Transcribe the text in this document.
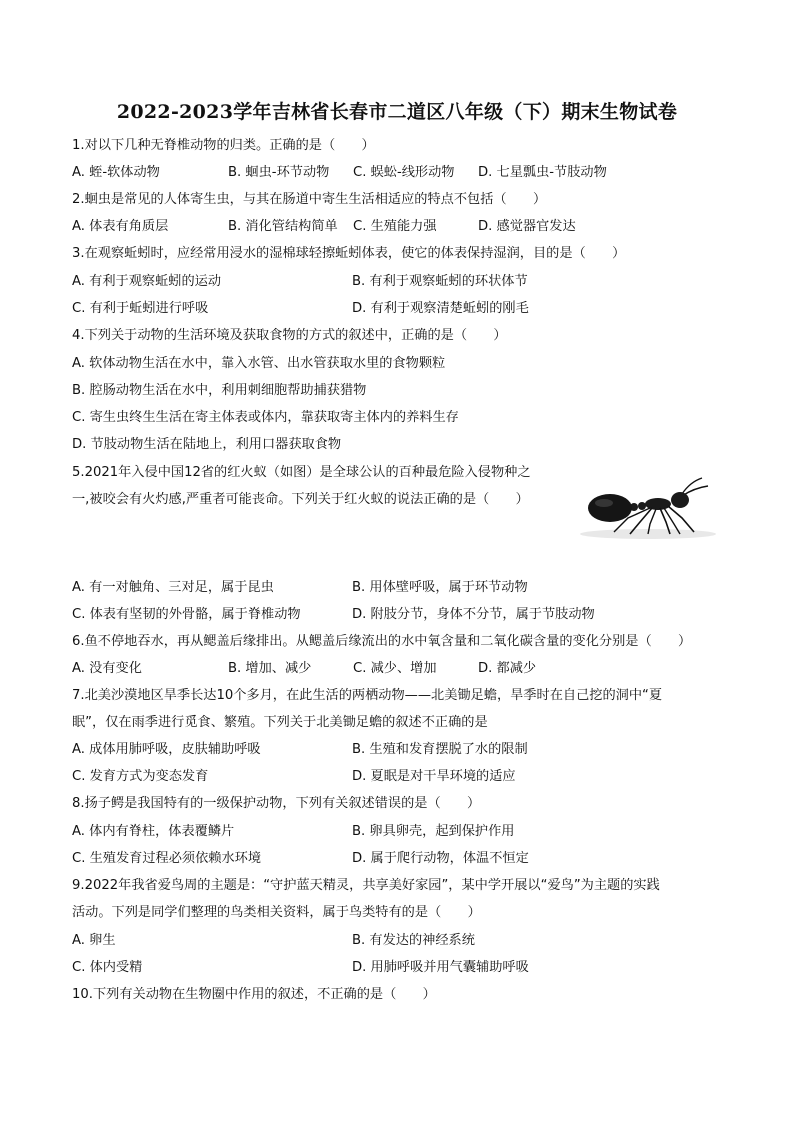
2022-2023学年吉林省长春市二道区八年级（下）期末生物试卷
1.对以下几种无脊椎动物的归类。正确的是（　　）
A. 蛭-软体动物	B. 蛔虫-环节动物 C. 蜈蚣-线形动物 D. 七星瓢虫-节肢动物
2.蛔虫是常见的人体寄生虫，与其在肠道中寄生生活相适应的特点不包括（　　）
A. 体表有角质层	B. 消化管结构简单 C. 生殖能力强	D. 感觉器官发达
3.在观察蚯蚓时，应经常用浸水的湿棉球轻擦蚯蚓体表，使它的体表保持湿润，目的是（　　）
A. 有利于观察蚯蚓的运动	B. 有利于观察蚯蚓的环状体节
C. 有利于蚯蚓进行呼吸	D. 有利于观察清楚蚯蚓的刚毛
4.下列关于动物的生活环境及获取食物的方式的叙述中，正确的是（　　）
A. 软体动物生活在水中，靠入水管、出水管获取水里的食物颗粒
B. 腔肠动物生活在水中，利用刺细胞帮助捕获猎物
C. 寄生虫终生生活在寄主体表或体内，靠获取寄主体内的养料生存
D. 节肢动物生活在陆地上，利用口器获取食物
5.2021年入侵中国12省的红火蚁（如图）是全球公认的百种最危险入侵物种之
一,被咬会有火灼感,严重者可能丧命。下列关于红火蚁的说法正确的是（　　）
A. 有一对触角、三对足，属于昆虫	B. 用体壁呼吸，属于环节动物
C. 体表有坚韧的外骨骼，属于脊椎动物	D. 附肢分节，身体不分节，属于节肢动物
6.鱼不停地吞水，再从鳃盖后缘排出。从鳃盖后缘流出的水中氧含量和二氧化碳含量的变化分别是（　　）
A. 没有变化	B. 增加、减少	C. 减少、增加	D. 都减少
7.北美沙漠地区旱季长达10个多月，在此生活的两栖动物——北美锄足蟾，旱季时在自己挖的洞中“夏
眠”，仅在雨季进行觅食、繁殖。下列关于北美锄足蟾的叙述不正确的是
A. 成体用肺呼吸，皮肤辅助呼吸	B. 生殖和发育摆脱了水的限制
C. 发育方式为变态发育	D. 夏眠是对干旱环境的适应
8.扬子鳄是我国特有的一级保护动物，下列有关叙述错误的是（　　）
A. 体内有脊柱，体表覆鳞片	B. 卵具卵壳，起到保护作用
C. 生殖发育过程必须依赖水环境	D. 属于爬行动物，体温不恒定
9.2022年我省爱鸟周的主题是：“守护蓝天精灵，共享美好家园”，某中学开展以“爱鸟”为主题的实践
活动。下列是同学们整理的鸟类相关资料，属于鸟类特有的是（　　）
A. 卵生	B. 有发达的神经系统
C. 体内受精	D. 用肺呼吸并用气囊辅助呼吸
10.下列有关动物在生物圈中作用的叙述，不正确的是（　　）
